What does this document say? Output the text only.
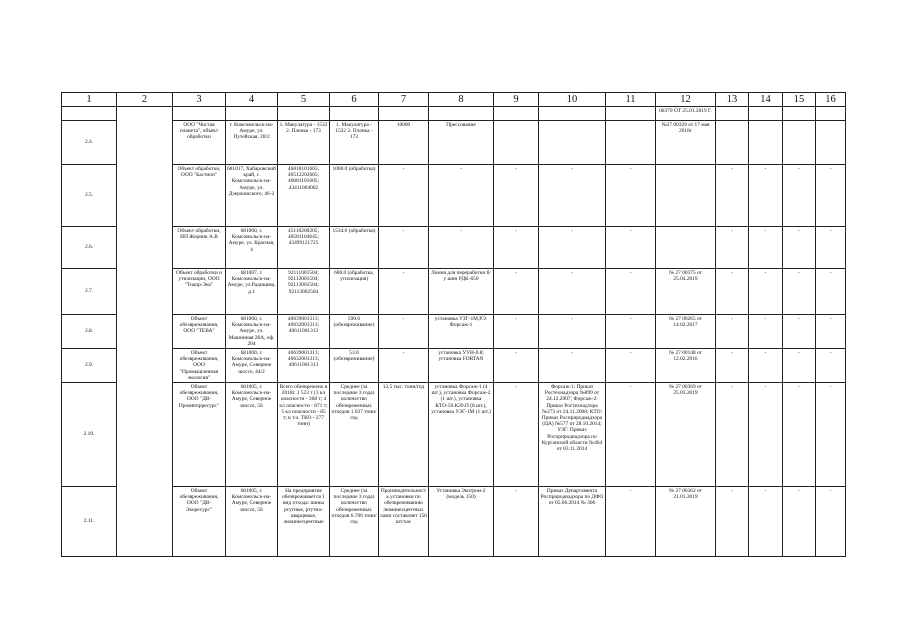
1	2	3	4	5	6	7	8	9	10	11	12	13	14	15	16
											00370 ОТ 25.01.2019 Г.				
2.4.		ООО "Чистая планета", объект обработки	г. Комсомольск-на-Амуре, ул. Путейская, 20/2	1. Макулатура - 1532 2. Пленка - 173	1. Макулатура - 1532 2. Пленка - 173	10000	Прессование				№27 00329 от 17 мая 2018г				
2.5.		Объект обработки, ООО "Бастион"	681017, Хабаровский край, г. Комсомольск-на-Амуре, ул. Дзержинского, 46-2	46818101605; 40512202605; 40681101605; 43411004002	1000.0 (обработка)	-	-	-	-	-		-	-	-	-
2.6.		Объект обработки, ИП Жорник А.В	681000, г. Комсомольск-на-Амуре, ул. Красная, 4	45110200205; 40581104645; 43499121725	1534.0 (обработка)	-	-	-	-	-		-	-	-	-
2.7.		Объект обработки и утилизации, ООО "Тиапр-Эко"	681007, г. Комсомольск-на-Амуре, ул.Радищева, д.1	92111001504; 92112001504; 92113001504; 92113002504	600.0 (обработка, утилизация)	-	Линия для переработки б/у шин РДК-650	-	-	-	№ 27 00375 от 25.04.2019	-	-	-	-
2.8.		Объект обезвреживания, ООО "ТЕВА"	681000, г. Комсомольск-на-Амуре, ул. Машинная 28А, оф. 204	40639001313; 40632001313; 40611001313	590.6 (обезвреживание)	-	установка УЗГ-1М,РЭ. Форсаж-1	-	-	-	№ 27 00265 от 14.02.2017	-	-	-	-
2.9.		Объект обезвреживания, ООО "Промышленная экология"	681000, г. Комсомольск-на-Амуре, Северное шоссе, 44/2	40639001313; 40632001313; 40611001313	53.0 (обезвреживание)	-	установка УУН-0.8; установка FORTAN	-	-	-	№ 27 00148 от 12.02.2016	-	-	-	-
2.10.		Объект обезвреживания, ООО "ДВ-Промвторресурс"	681005, г. Комсомольск-на-Амуре, Северное шоссе, 56	Всего обезврежено в 2018г. 1 523 т (3 кл опасности - 368 т; 4 кл опасности - 871 т; 5 кл опасности - 85 т; в т.ч. ТКО - 277 тонн)	Среднее (за последние 3 года) количество обезвреженных отходов 1 037 тонн/год	12,5 тыс. тонн/год	установка Форсаж-1 (4 шт.), установка Форсаж-2 (1 шт.), установка КТО-50.К20.П (8 шт.), установка УЗГ-1М (1 шт.)	-	Форсаж-1: Приказ Ростехнадзора №899 от 24.12.2007; Форсаж-2: Приказ Ростехнадзора №273 от 24.11.2008; КТО: Приказ Росприроднадзора (ЦА) №577 от 28.10.2014; УЗГ: Приказ Росприроднадзора по Курганской области №464 от 03.11.2014	-	№ 27 00369 от 25.03.2019	-	-	-	-
2.11.		Объект обезвреживания, ООО "ДВ-Экоресурс"	681005, г. Комсомольск-на-Амуре, Северное шоссе, 56	На предприятие обезвреживается 1 вид отхода: шины ртутные, ртутно-кварцевые, люминесцентные	Среднее (за последние 3 года) количество обезвреженных отходов 6.706 тонн/год	Производительность установки по обезвреживанию люминесцентных ламп составляет 150 шт/час	Установка Экотром-2 (модель 150)	-	Приказ Департамента Росприроднадзора по ДФО от 05.06.2014 № 306	-	№ 27 00362 от 21.01.2019	-	-	-	-
